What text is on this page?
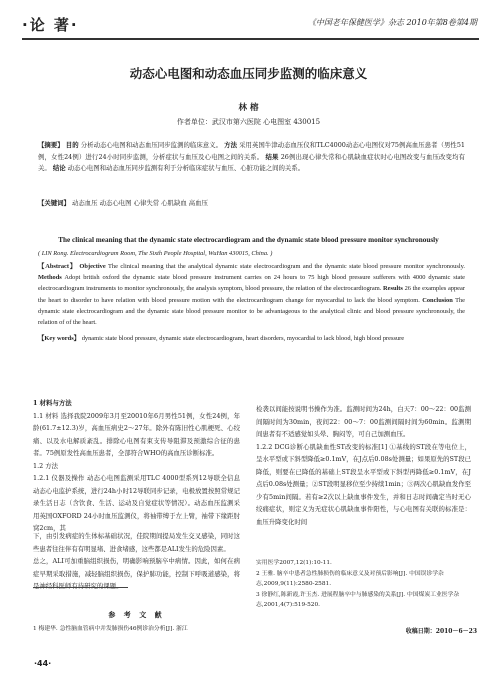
·论 著·	《中国老年保健医学》杂志 2010年第8卷第4期
动态心电图和动态血压同步监测的临床意义
林 榕
作者单位：武汉市第六医院 心电图室 430015
【摘要】 目的 分析动态心电图和动态血压同步监测的临床意义。 方法 采用英国牛津动态血压仪和TLC4000动态心电图仪对75例高血压患者（男性51例，女性24例）进行24小时同步监测，分析症状与血压及心电图之间的关系。 结果 26例出现心律失常和心肌缺血症状时心电图改变与血压改变均有关。 结论 动态心电图和动态血压同步监测有利于分析临床症状与血压、心脏功能之间的关系。
【关键词】 动态血压 动态心电图 心律失常 心肌缺血 高血压
The clinical meaning that the dynamic state electrocardiogram and the dynamic state blood pressure monitor synchronously
( LIN Rong. Electrocardiogram Room, The Sixth People Hospital, WuHan 430015, China. )
【Abstract】 Objective The clinical meaning that the analytical dynamic state electrocardiogram and the dynamic state blood pressure monitor synchronously. Methods Adopt british oxford the dynamic state blood pressure instrument carries on 24 hours to 75 high blood pressure sufferers with 4000 dynamic state electrocardiogram instruments to monitor synchronously, the analysis symptom, blood pressure, the relation of the electrocardiogram. Results 26 the examples appear the heart to disorder to have relation with blood pressure motion with the electrocardiogram change for myocardial to lack the blood symptom. Conclusion The dynamic state electrocardiogram and the dynamic state blood pressure monitor to be advantageous to the analytical clinic and blood pressure synchronously, the relation of of the heart.
【Key words】 dynamic state blood pressure, dynamic state electrocardiogram, heart disorders, myocardial to lack blood, high blood pressure
1 材料与方法
1.1 材料 选择我院2009年3月至20010年6月男性51例，女性24例，年龄(61.7±12.3)岁，高血压病史2～27年。除外有陈旧性心肌梗死、心绞痛、以及水电解质紊乱。排除心电图有束支传导阻滞及预激综合征的患者。75例原发性高血压患者，全部符合WHO的高血压诊断标准。
1.2 方法
1.2.1 仪器及操作 动态心电图监测采用TLC 4000型系列12导联全信息动态心电监护系统，进行24h小时12导联同步记录，电极放置按照常规记录生活日志（含饮食、生活、运动及自觉症状等情况）。动态血压监测采用英国OXFORD 24小时血压监测仪，将袖带缚于左上臂，袖带下缘距肘窝2cm，其
下，由引发病症的生体标基础状况，佳院期间提局发生交叉感染，同时这些患者往往伴有有明显堵、进食堵感，这些都是ALI发生的危险因素。
总之，ALI可加重脑组织损伤，明确影响预脑卒中病情。因此，如何在病症早期采取措施，减轻脑组织损伤，保护肺功能，控制下呼吸道感染，将是神经科医师有待研究的课题。
参 考 文 献
1 梅建华. 急性脑血管病中并发肺损伤46例诊治分析[J]. 浙江
检袭以间能按说明书操作为准。监测时间为24h，白天7：00～22：00监测间隔时间为30min，夜间22：00～7：00监测间隔时间为60min。监测期间患者有不适感觉如头晕、胸闷等，可自己加测血压。
1.2.2 DCG诊断心肌缺血性ST改变的标准[1] ①基线的ST段在等电位上，呈水平型或下斜型降低≥0.1mV，在J点后0.08s处测量；如果原先的ST段已降低，则要在已降低的基础上ST段呈水平型或下斜型再降低≥0.1mV，在J点后0.08s处测量；②ST段明显移位至少持续1min；③两次心肌缺血发作至少有5min间隔。若有≥2次以上缺血事件发生，并和日志时间确定当时无心绞痛症状，则定义为无症状心肌缺血事件阳性，与心电图有关联的标准是：血压升降变化时间
实用医学2007,12(1):10-11.
2 王雅. 脑卒中患者急性肺损伤的临床意义及对预后影响[J]. 中国误诊学杂志,2009,9(11):2580-2581.
3 徐静红,陈新霞,许玉杰. 进展程脑卒中与肺感染的关系[J]. 中国煤炭工业医学杂志,2001,4(7):519-520.
收稿日期：2010－6－23
·44·
